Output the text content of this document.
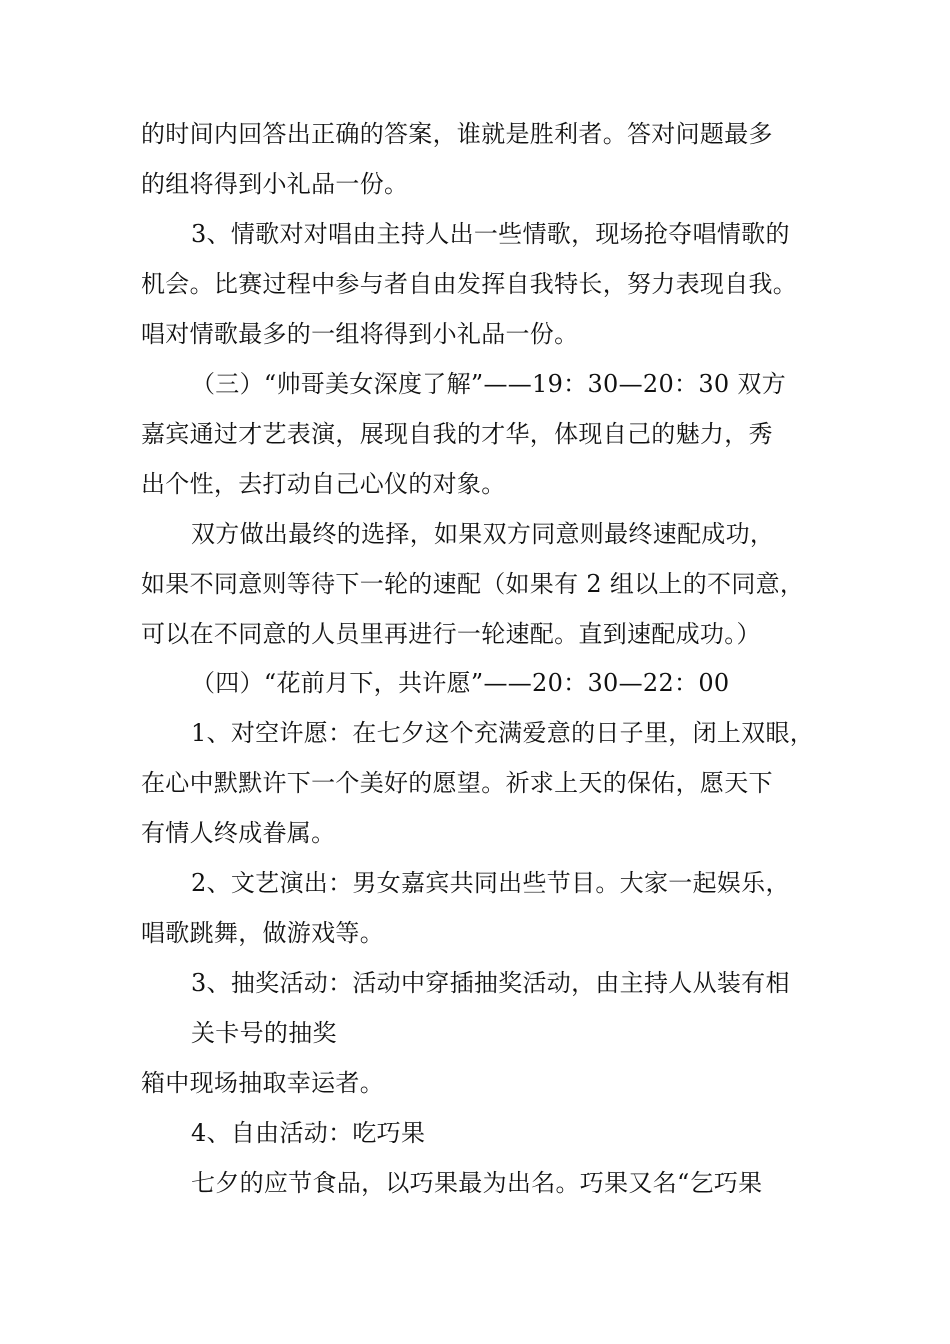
的时间内回答出正确的答案，谁就是胜利者。答对问题最多
的组将得到小礼品一份。
3、情歌对对唱由主持人出一些情歌，现场抢夺唱情歌的
机会。比赛过程中参与者自由发挥自我特长，努力表现自我。
唱对情歌最多的一组将得到小礼品一份。
（三）“帅哥美女深度了解”——19：30—20：30 双方
嘉宾通过才艺表演，展现自我的才华，体现自己的魅力，秀
出个性，去打动自己心仪的对象。
双方做出最终的选择，如果双方同意则最终速配成功，
如果不同意则等待下一轮的速配（如果有 2 组以上的不同意，
可以在不同意的人员里再进行一轮速配。直到速配成功。）
（四）“花前月下，共许愿”——20：30—22：00
1、对空许愿：在七夕这个充满爱意的日子里，闭上双眼，
在心中默默许下一个美好的愿望。祈求上天的保佑，愿天下
有情人终成眷属。
2、文艺演出：男女嘉宾共同出些节目。大家一起娱乐，
唱歌跳舞，做游戏等。
3、抽奖活动：活动中穿插抽奖活动，由主持人从装有相
关卡号的抽奖
箱中现场抽取幸运者。
4、自由活动：吃巧果
七夕的应节食品，以巧果最为出名。巧果又名“乞巧果
